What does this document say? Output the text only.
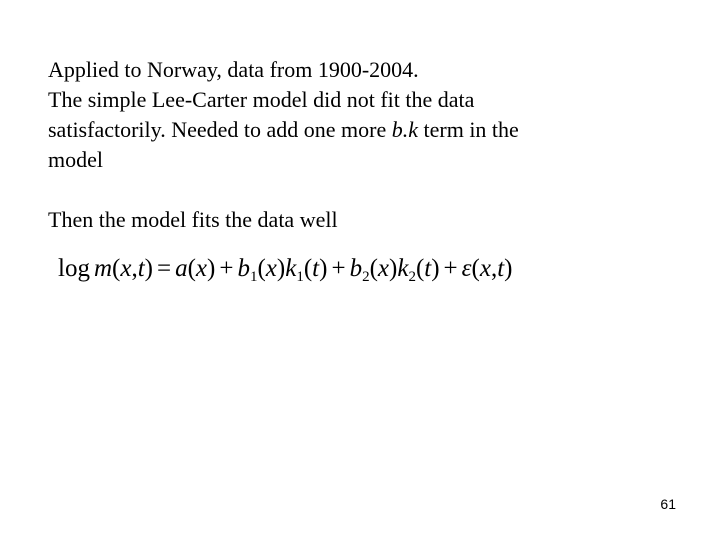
Applied to Norway, data from 1900-2004.
The simple Lee-Carter model did not fit the data
satisfactorily. Needed to add one more b.k term in the
model
Then the model fits the data well
$\log m(x,t) = a(x) + b_1(x)k_1(t) + b_2(x)k_2(t) + \varepsilon(x,t)$
61
